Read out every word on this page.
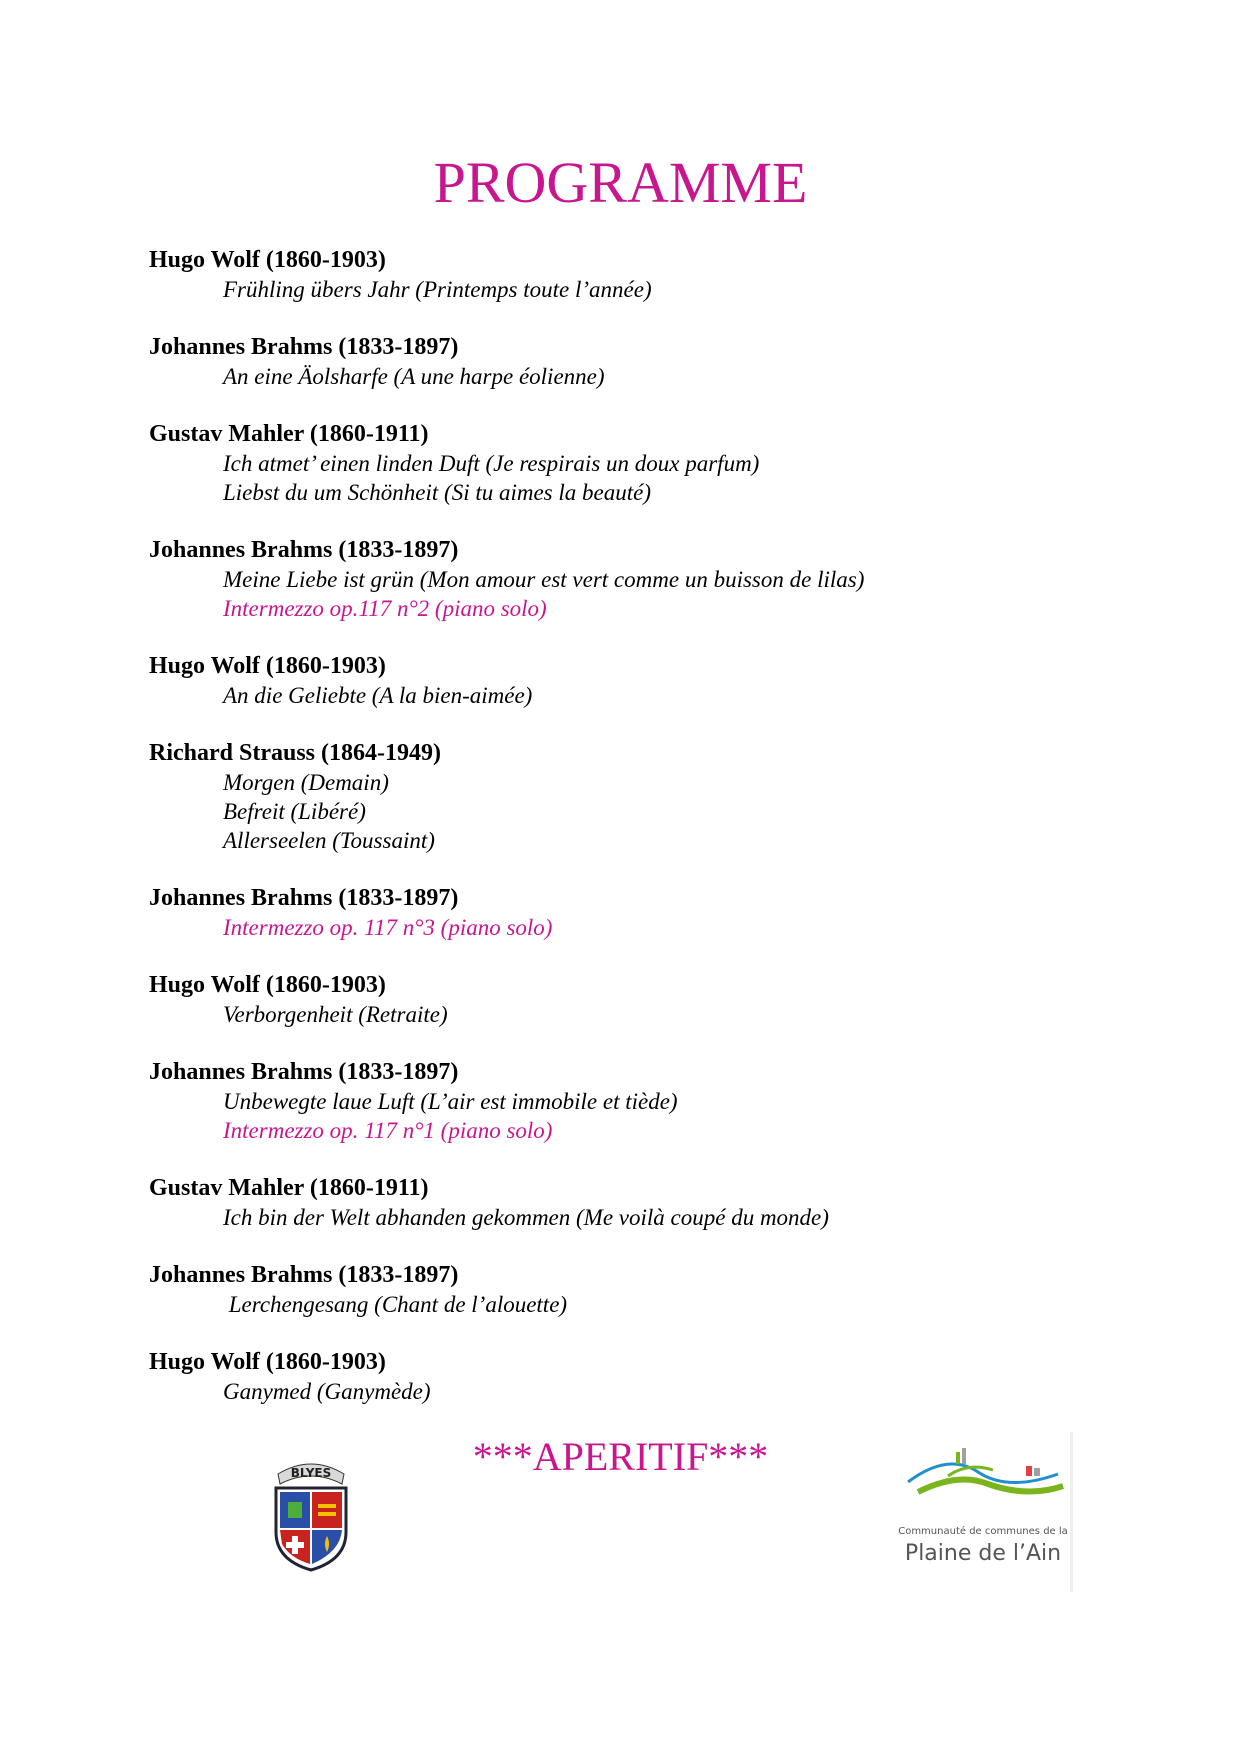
PROGRAMME
Hugo Wolf (1860-1903)
Frühling übers Jahr (Printemps toute l’année)
Johannes Brahms (1833-1897)
An eine Äolsharfe (A une harpe éolienne)
Gustav Mahler (1860-1911)
Ich atmet’ einen linden Duft (Je respirais un doux parfum)
Liebst du um Schönheit (Si tu aimes la beauté)
Johannes Brahms (1833-1897)
Meine Liebe ist grün (Mon amour est vert comme un buisson de lilas)
Intermezzo op.117 n°2 (piano solo)
Hugo Wolf (1860-1903)
An die Geliebte (A la bien-aimée)
Richard Strauss (1864-1949)
Morgen (Demain)
Befreit (Libéré)
Allerseelen (Toussaint)
Johannes Brahms (1833-1897)
Intermezzo op. 117 n°3 (piano solo)
Hugo Wolf (1860-1903)
Verborgenheit (Retraite)
Johannes Brahms (1833-1897)
Unbewegte laue Luft (L’air est immobile et tiède)
Intermezzo op. 117 n°1 (piano solo)
Gustav Mahler (1860-1911)
Ich bin der Welt abhanden gekommen (Me voilà coupé du monde)
Johannes Brahms (1833-1897)
Lerchengesang (Chant de l’alouette)
Hugo Wolf (1860-1903)
Ganymed (Ganymède)
***APERITIF***
BLYES
Communauté de communes de la
Plaine de l’Ain
